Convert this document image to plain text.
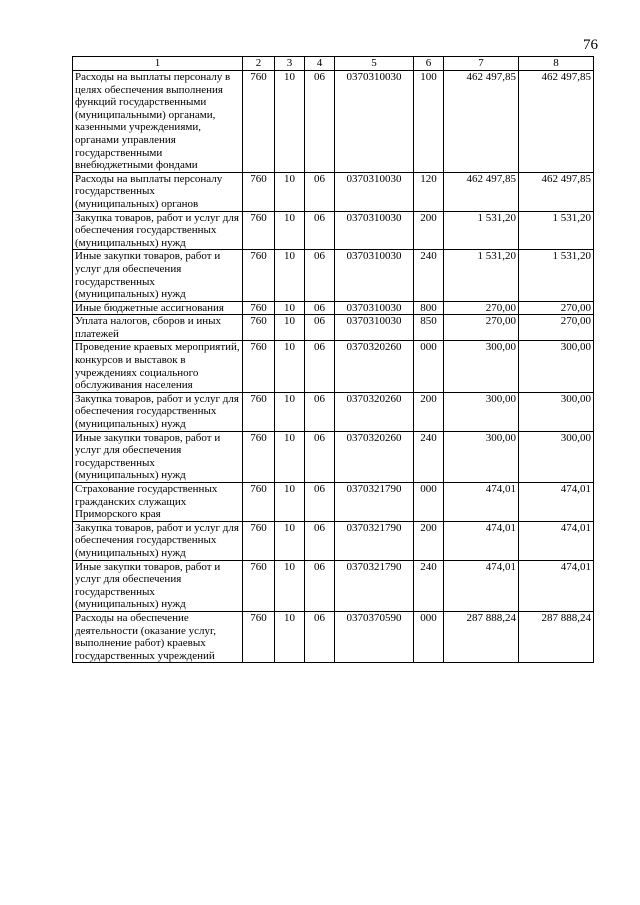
76
1	2	3	4	5	6	7	8
Расходы на выплаты персоналу в целях обеспечения выполнения функций государственными (муниципальными) органами, казенными учреждениями, органами управления государственными внебюджетными фондами	760	10	06	0370310030	100	462 497,85	462 497,85
Расходы на выплаты персоналу государственных (муниципальных) органов	760	10	06	0370310030	120	462 497,85	462 497,85
Закупка товаров, работ и услуг для обеспечения государственных (муниципальных) нужд	760	10	06	0370310030	200	1 531,20	1 531,20
Иные закупки товаров, работ и услуг для обеспечения государственных (муниципальных) нужд	760	10	06	0370310030	240	1 531,20	1 531,20
Иные бюджетные ассигнования	760	10	06	0370310030	800	270,00	270,00
Уплата налогов, сборов и иных платежей	760	10	06	0370310030	850	270,00	270,00
Проведение краевых мероприятий, конкурсов и выставок в учреждениях социального обслуживания населения	760	10	06	0370320260	000	300,00	300,00
Закупка товаров, работ и услуг для обеспечения государственных (муниципальных) нужд	760	10	06	0370320260	200	300,00	300,00
Иные закупки товаров, работ и услуг для обеспечения государственных (муниципальных) нужд	760	10	06	0370320260	240	300,00	300,00
Страхование государственных гражданских служащих Приморского края	760	10	06	0370321790	000	474,01	474,01
Закупка товаров, работ и услуг для обеспечения государственных (муниципальных) нужд	760	10	06	0370321790	200	474,01	474,01
Иные закупки товаров, работ и услуг для обеспечения государственных (муниципальных) нужд	760	10	06	0370321790	240	474,01	474,01
Расходы на обеспечение деятельности (оказание услуг, выполнение работ) краевых государственных учреждений	760	10	06	0370370590	000	287 888,24	287 888,24
